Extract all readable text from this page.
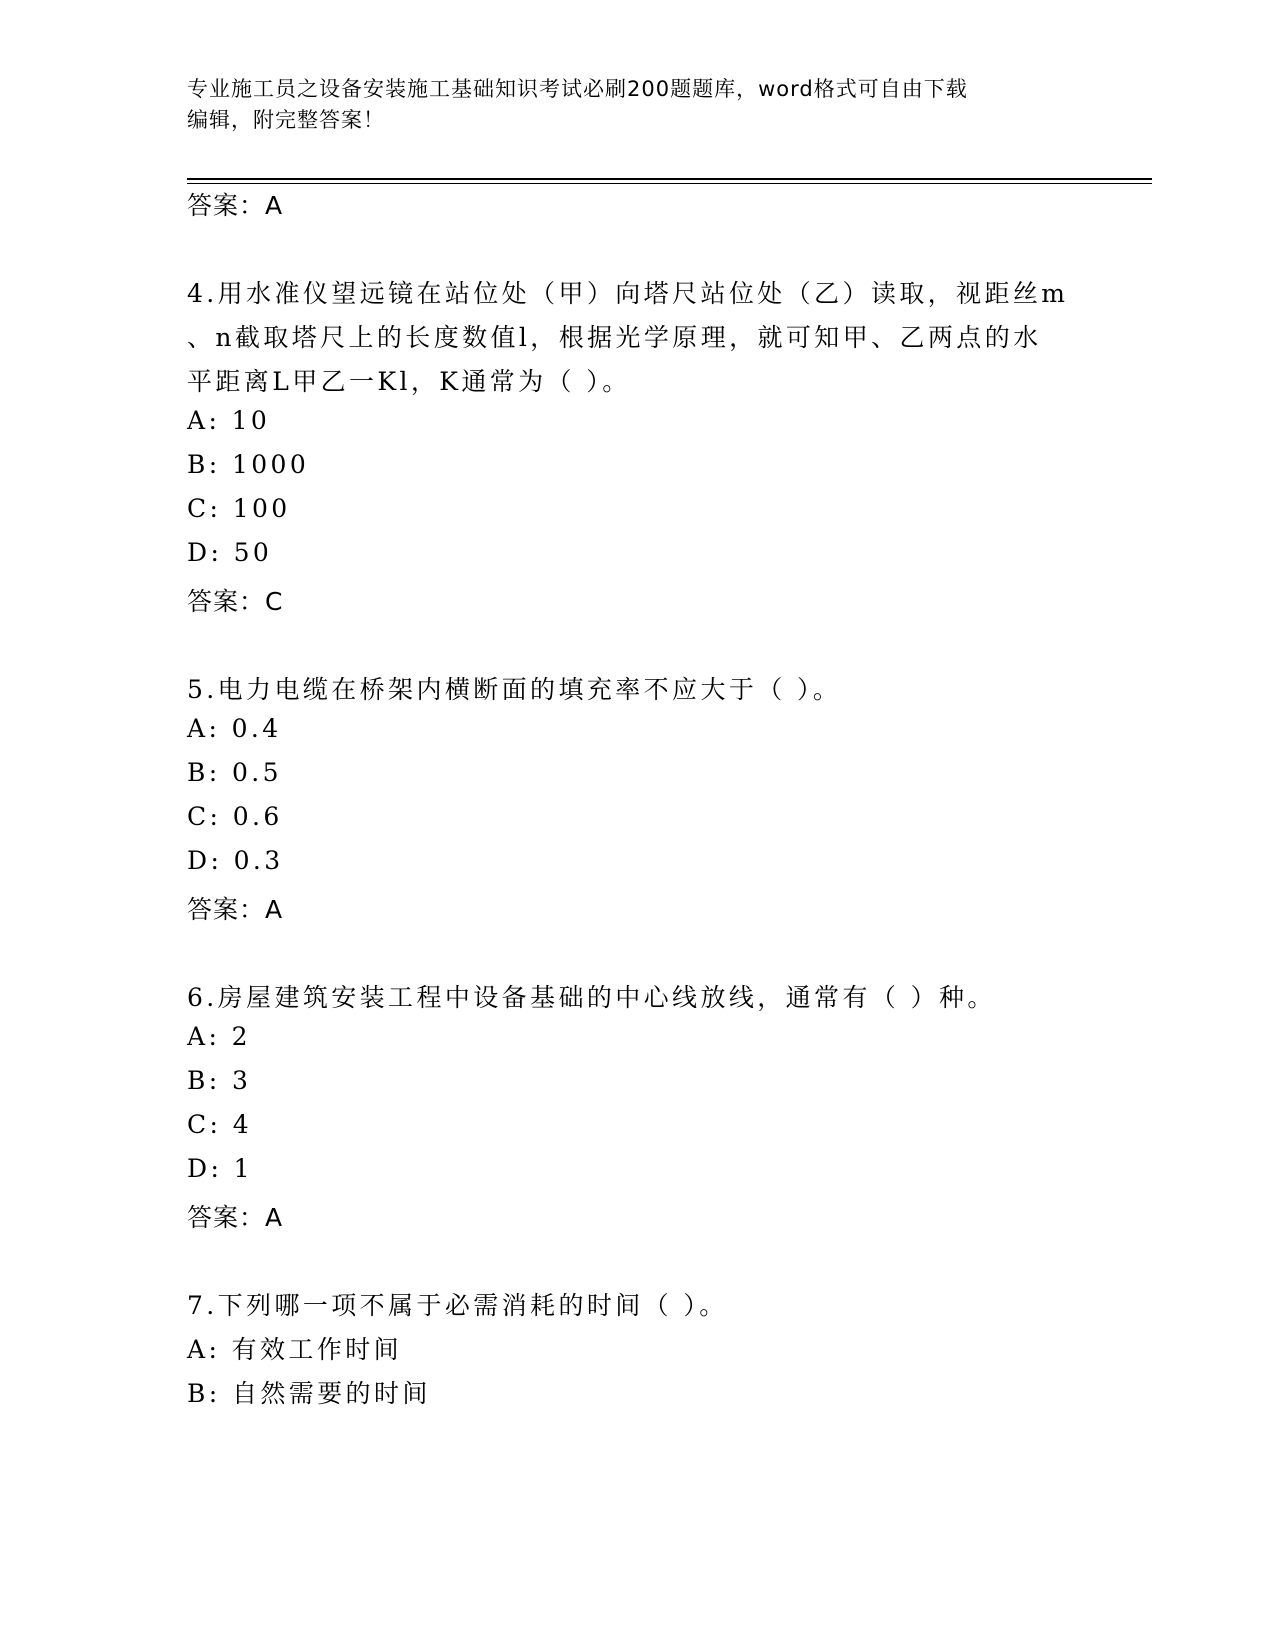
专业施工员之设备安装施工基础知识考试必刷200题题库，word格式可自由下载
编辑，附完整答案！
答案：A
4.用水准仪望远镜在站位处（甲）向塔尺站位处（乙）读取，视距丝m
、n截取塔尺上的长度数值l，根据光学原理，就可知甲、乙两点的水
平距离L甲乙一Kl，K通常为（ ）。
A: 10
B: 1000
C: 100
D: 50
答案：C
5.电力电缆在桥架内横断面的填充率不应大于（ ）。
A: 0.4
B: 0.5
C: 0.6
D: 0.3
答案：A
6.房屋建筑安装工程中设备基础的中心线放线，通常有（ ）种。
A: 2
B: 3
C: 4
D: 1
答案：A
7.下列哪一项不属于必需消耗的时间（ ）。
A: 有效工作时间
B: 自然需要的时间
